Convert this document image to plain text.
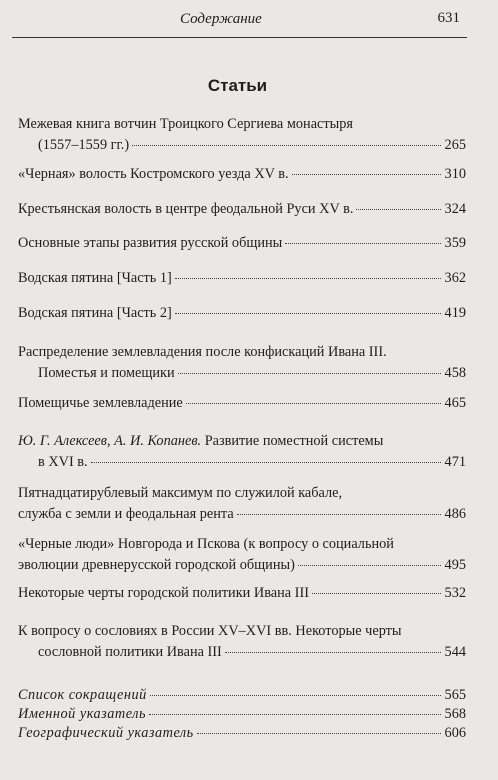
Содержание	631
Статьи
Межевая книга вотчин Троицкого Сергиева монастыря
(1557–1559 гг.)	265
«Черная» волость Костромского уезда XV в.	310
Крестьянская волость в центре феодальной Руси XV в.	324
Основные этапы развития русской общины	359
Водская пятина [Часть 1]	362
Водская пятина [Часть 2]	419
Распределение землевладения после конфискаций Ивана III.
Поместья и помещики	458
Помещичье землевладение	465
Ю. Г. Алексеев, А. И. Копанев.
Развитие поместной системы
в XVI в.	471
Пятнадцатирублевый максимум по служилой кабале,
служба с земли и феодальная рента	486
«Черные люди» Новгорода и Пскова (к вопросу о социальной
эволюции древнерусской городской общины)	495
Некоторые черты городской политики Ивана III	532
К вопросу о сословиях в России XV–XVI вв. Некоторые черты
сословной политики Ивана III	544
Список сокращений	565
Именной указатель	568
Географический указатель	606
